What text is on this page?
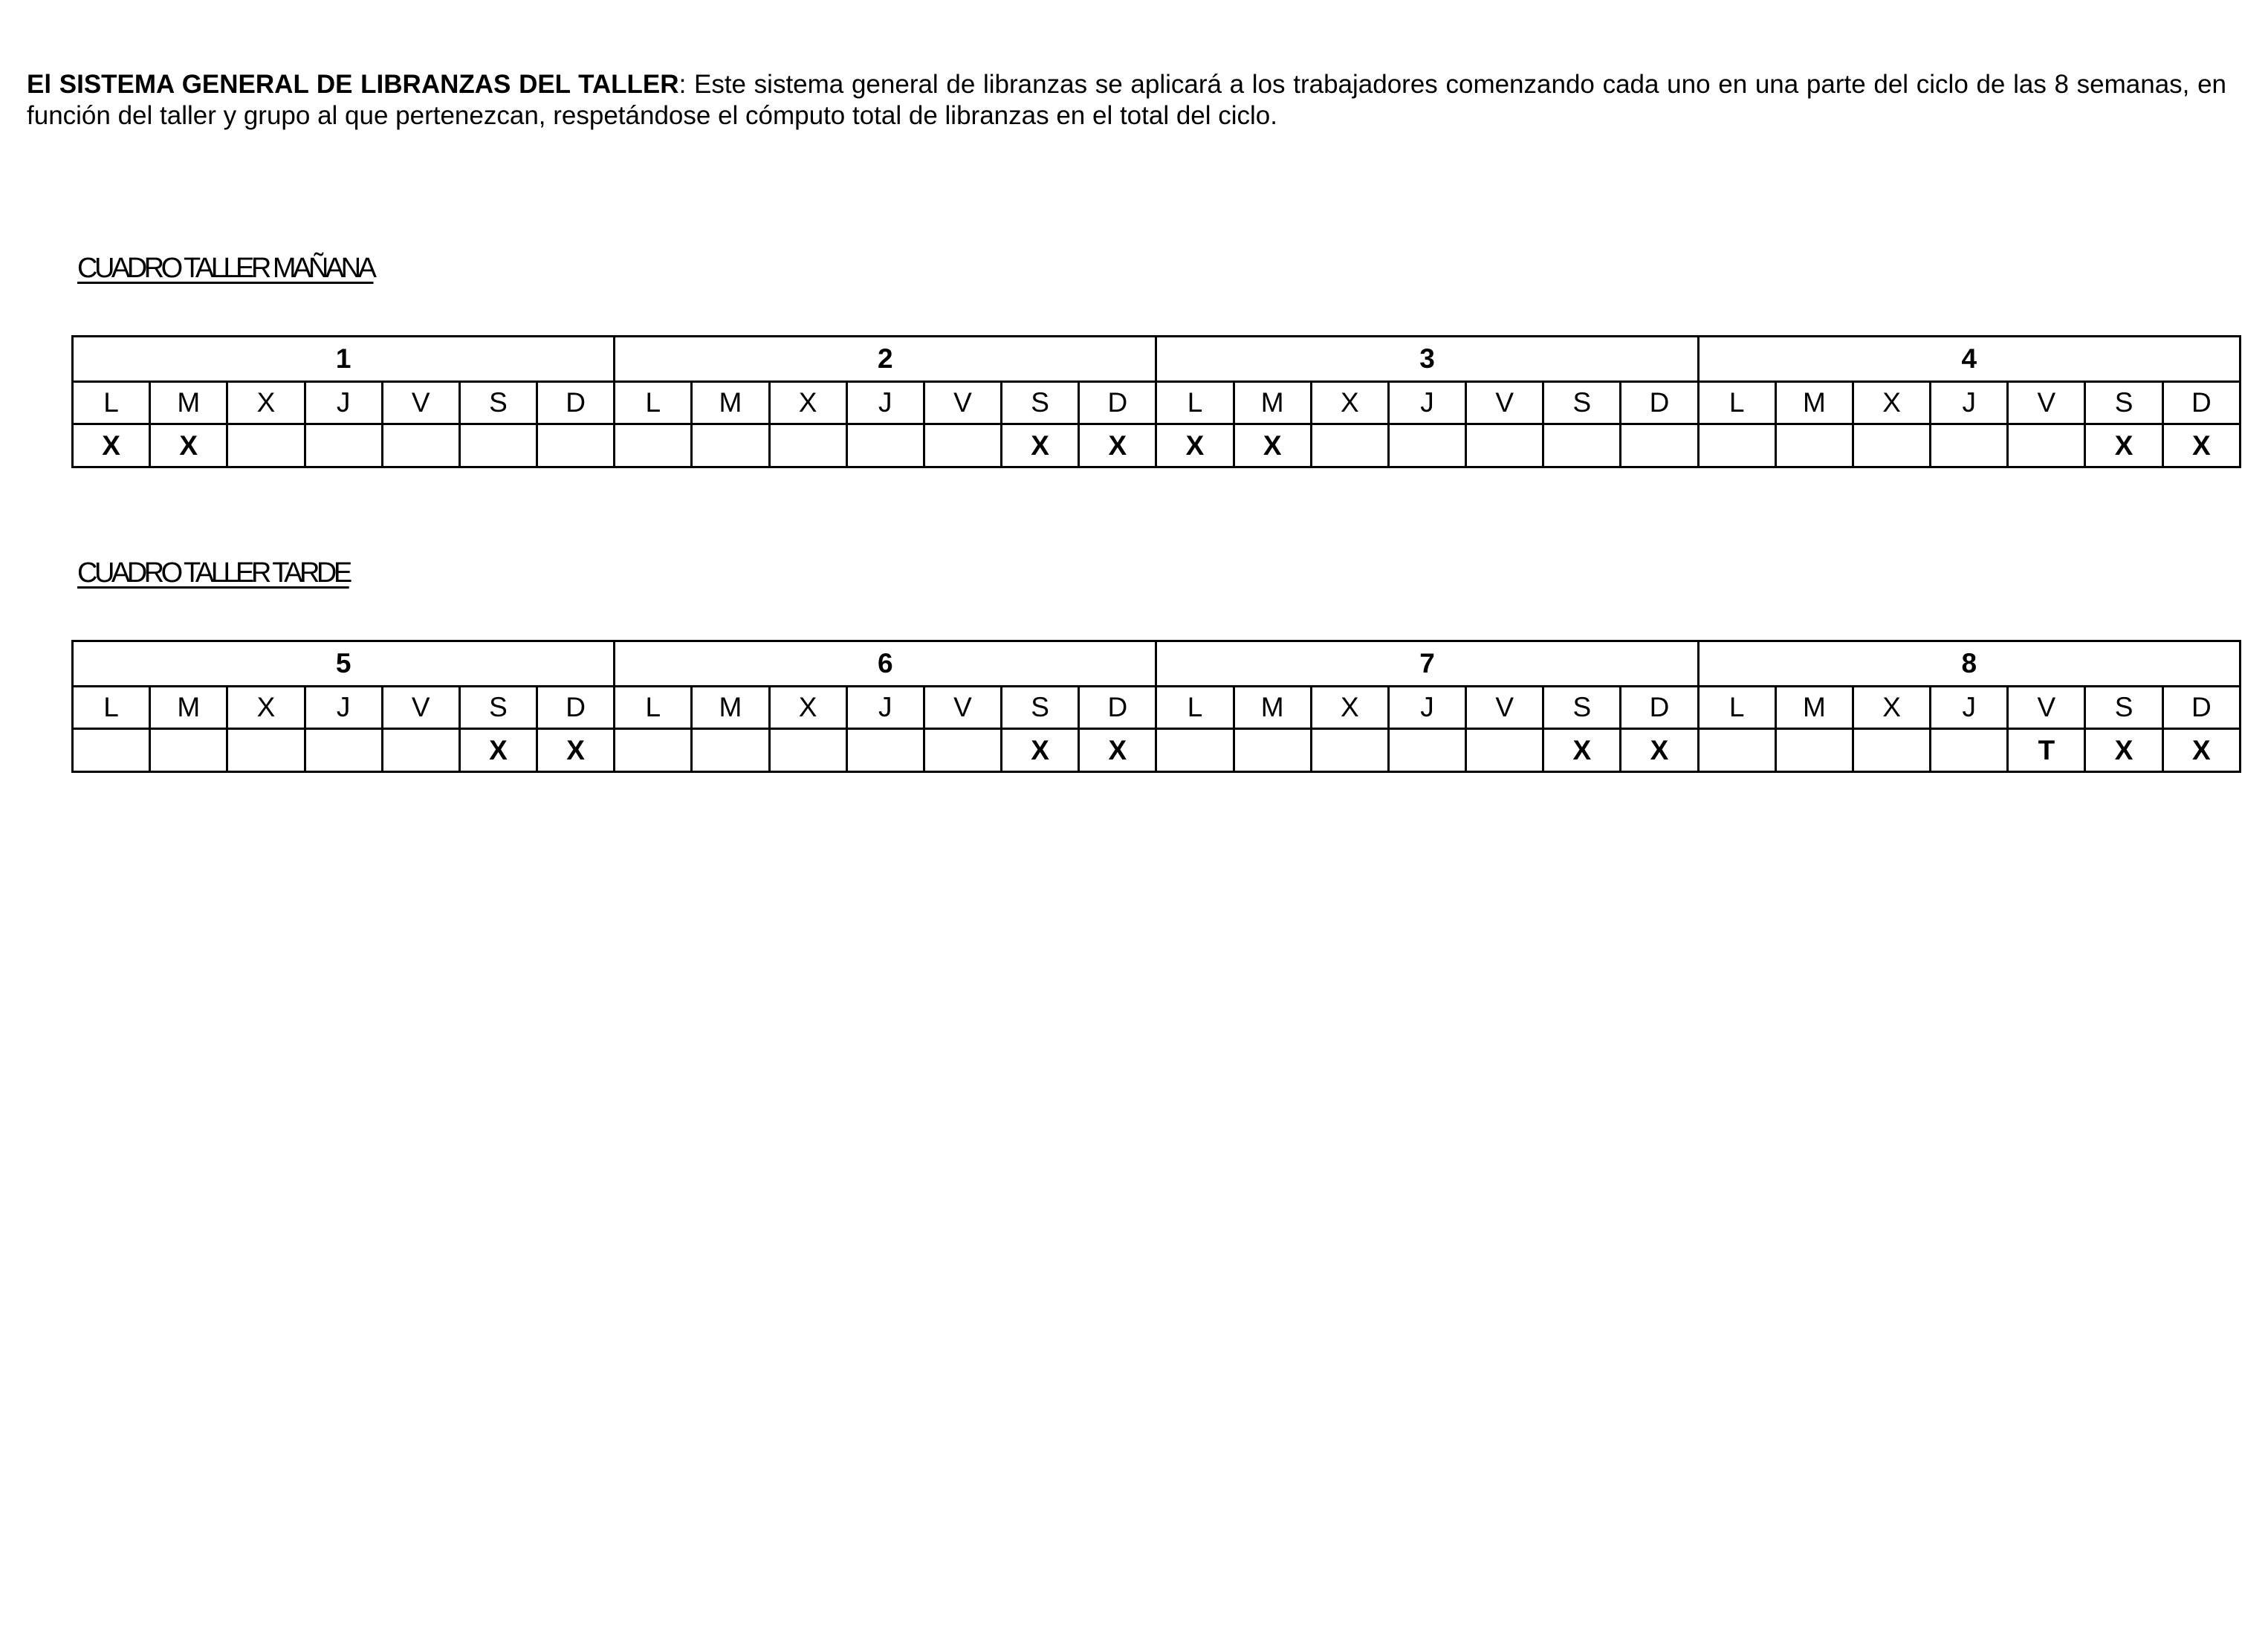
El SISTEMA GENERAL DE LIBRANZAS DEL TALLER: Este sistema general de libranzas se aplicará a los trabajadores comenzando cada uno en una parte del ciclo de las 8 semanas, en función del taller y grupo al que pertenezcan, respetándose el cómputo total de libranzas en el total del ciclo.

CUADRO TALLER MAÑANA
1							2							3							4						
L	M	X	J	V	S	D	L	M	X	J	V	S	D	L	M	X	J	V	S	D	L	M	X	J	V	S	D
X	X											X	X	X	X											X	X
CUADRO TALLER TARDE
5							6							7							8						
L	M	X	J	V	S	D	L	M	X	J	V	S	D	L	M	X	J	V	S	D	L	M	X	J	V	S	D
					X	X						X	X						X	X					T	X	X
